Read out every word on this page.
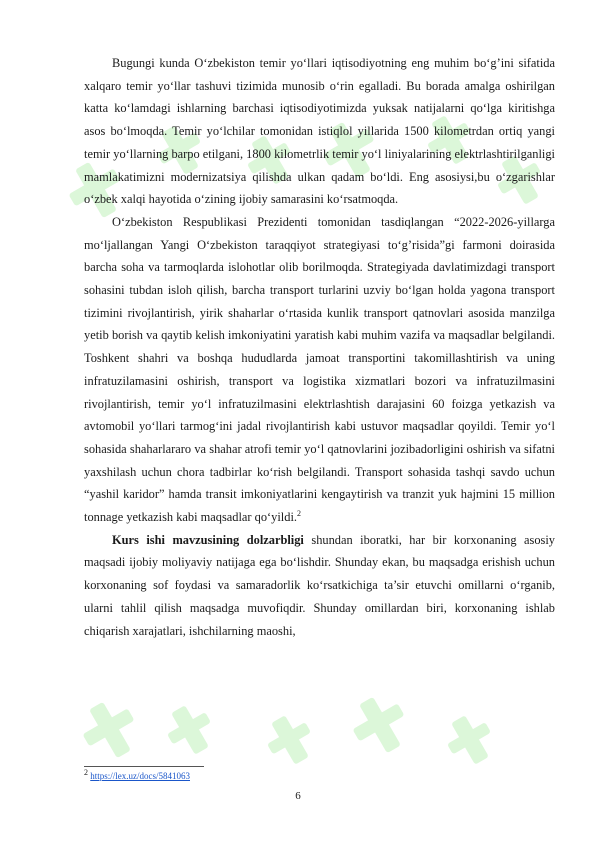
Bugungi kunda O‘zbekiston temir yo‘llari iqtisodiyotning eng muhim bo‘g’ini sifatida xalqaro temir yo‘llar tashuvi tizimida munosib o‘rin egalladi. Bu borada amalga oshirilgan katta ko‘lamdagi ishlarning barchasi iqtisodiyotimizda yuksak natijalarni qo‘lga kiritishga asos bo‘lmoqda. Temir yo‘lchilar tomonidan istiqlol yillarida 1500 kilometrdan ortiq yangi temir yo‘llarning barpo etilgani, 1800 kilometrlik temir yo‘l liniyalarining elektrlashtirilganligi mamlakatimizni modernizatsiya qilishda ulkan qadam bo‘ldi. Eng asosiysi,bu o‘zgarishlar o‘zbek xalqi hayotida o‘zining ijobiy samarasini ko‘rsatmoqda.

O‘zbekiston Respublikasi Prezidenti tomonidan tasdiqlangan “2022-2026-yillarga mo‘ljallangan Yangi O‘zbekiston taraqqiyot strategiyasi to‘g’risida”gi farmoni doirasida barcha soha va tarmoqlarda islohotlar olib borilmoqda. Strategiyada davlatimizdagi transport sohasini tubdan isloh qilish, barcha transport turlarini uzviy bo‘lgan holda yagona transport tizimini rivojlantirish, yirik shaharlar o‘rtasida kunlik transport qatnovlari asosida manzilga yetib borish va qaytib kelish imkoniyatini yaratish kabi muhim vazifa va maqsadlar belgilandi. Toshkent shahri va boshqa hududlarda jamoat transportini takomillashtirish va uning infratuzilamasini oshirish, transport va logistika xizmatlari bozori va infratuzilmasini rivojlantirish, temir yo‘l infratuzilmasini elektrlashtish darajasini 60 foizga yetkazish va avtomobil yo‘llari tarmog‘ini jadal rivojlantirish kabi ustuvor maqsadlar qoyildi. Temir yo‘l sohasida shaharlararo va shahar atrofi temir yo‘l qatnovlarini jozibadorligini oshirish va sifatni yaxshilash uchun chora tadbirlar ko‘rish belgilandi. Transport sohasida tashqi savdo uchun “yashil karidor” hamda transit imkoniyatlarini kengaytirish va tranzit yuk hajmini 15 million tonnage yetkazish kabi maqsadlar qo‘yildi.$^2$

Kurs ishi mavzusining dolzarbligi shundan iboratki, har bir korxonaning asosiy maqsadi ijobiy moliyaviy natijaga ega bo‘lishdir. Shunday ekan, bu maqsadga erishish uchun korxonaning sof foydasi va samaradorlik ko‘rsatkichiga ta’sir etuvchi omillarni o‘rganib, ularni tahlil qilish maqsadga muvofiqdir. Shunday omillardan biri, korxonaning ishlab chiqarish xarajatlari, ishchilarning maoshi,

$^2$ https://lex.uz/docs/5841063
6
